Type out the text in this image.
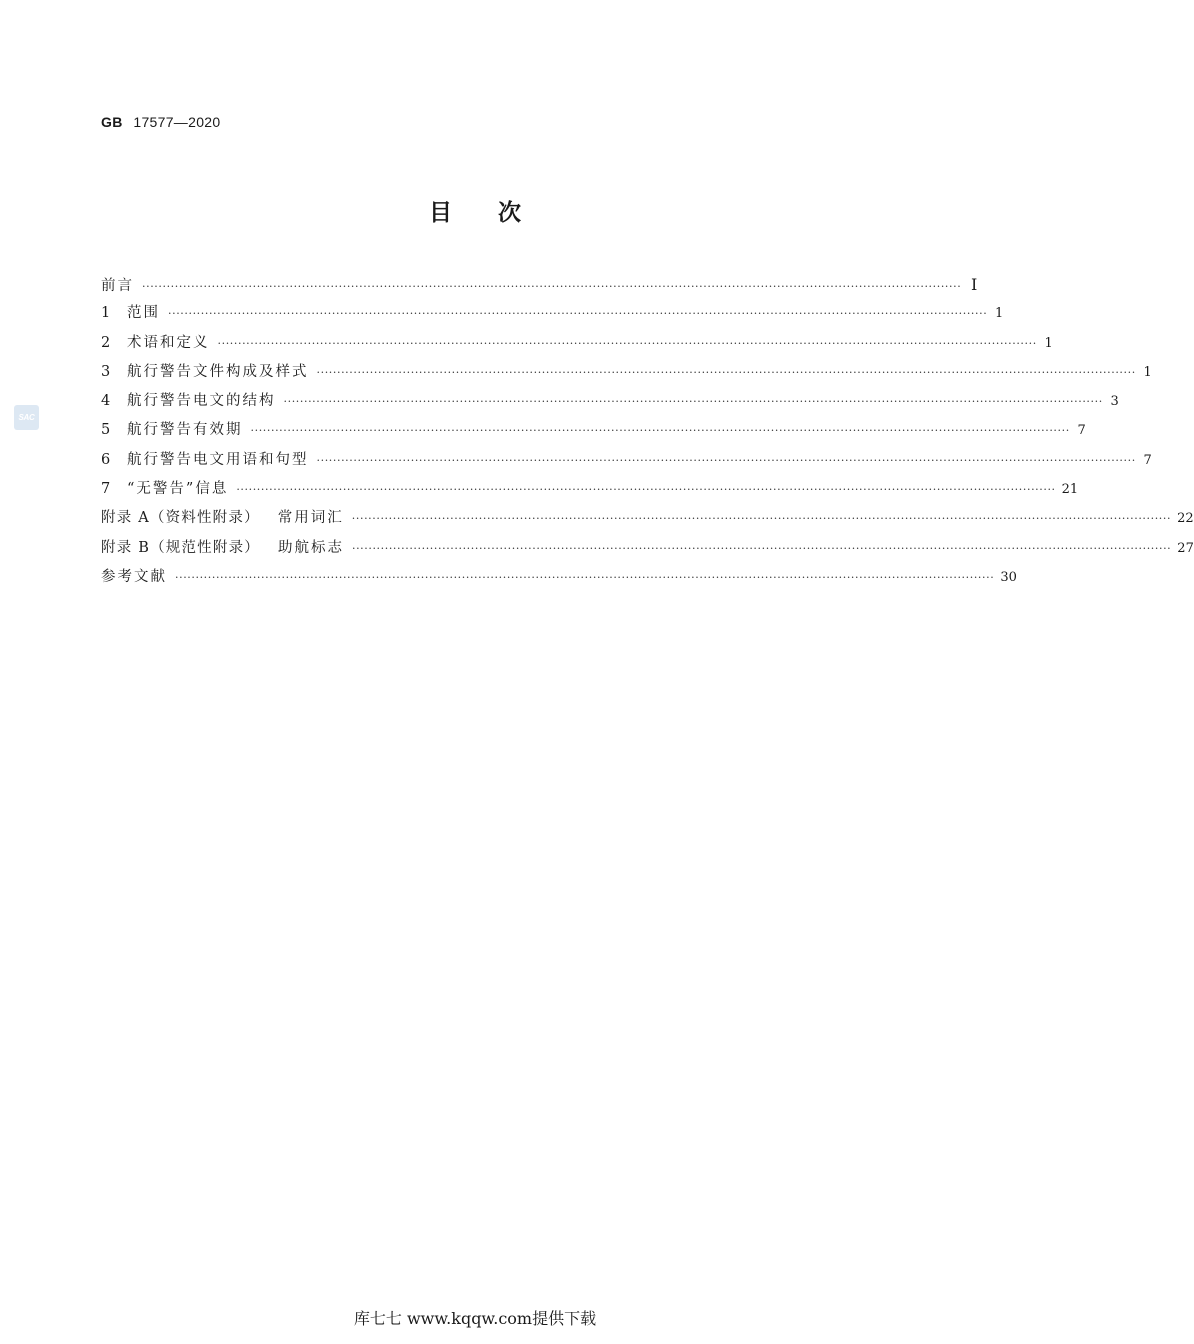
GB 17577—2020
目次
前言 ········································································································································································································ Ⅰ
1	范围 ········································································································································································································ 1
2	术语和定义 ········································································································································································································ 1
3	航行警告文件构成及样式 ········································································································································································································ 1
4	航行警告电文的结构 ········································································································································································································ 3
5	航行警告有效期 ········································································································································································································ 7
6	航行警告电文用语和句型 ········································································································································································································ 7
7	“无警告”信息 ········································································································································································································ 21
附录 A（资料性附录） 常用词汇 ········································································································································································································ 22
附录 B（规范性附录） 助航标志 ········································································································································································································ 27
参考文献 ········································································································································································································ 30
SAC
库七七 www.kqqw.com提供下载
